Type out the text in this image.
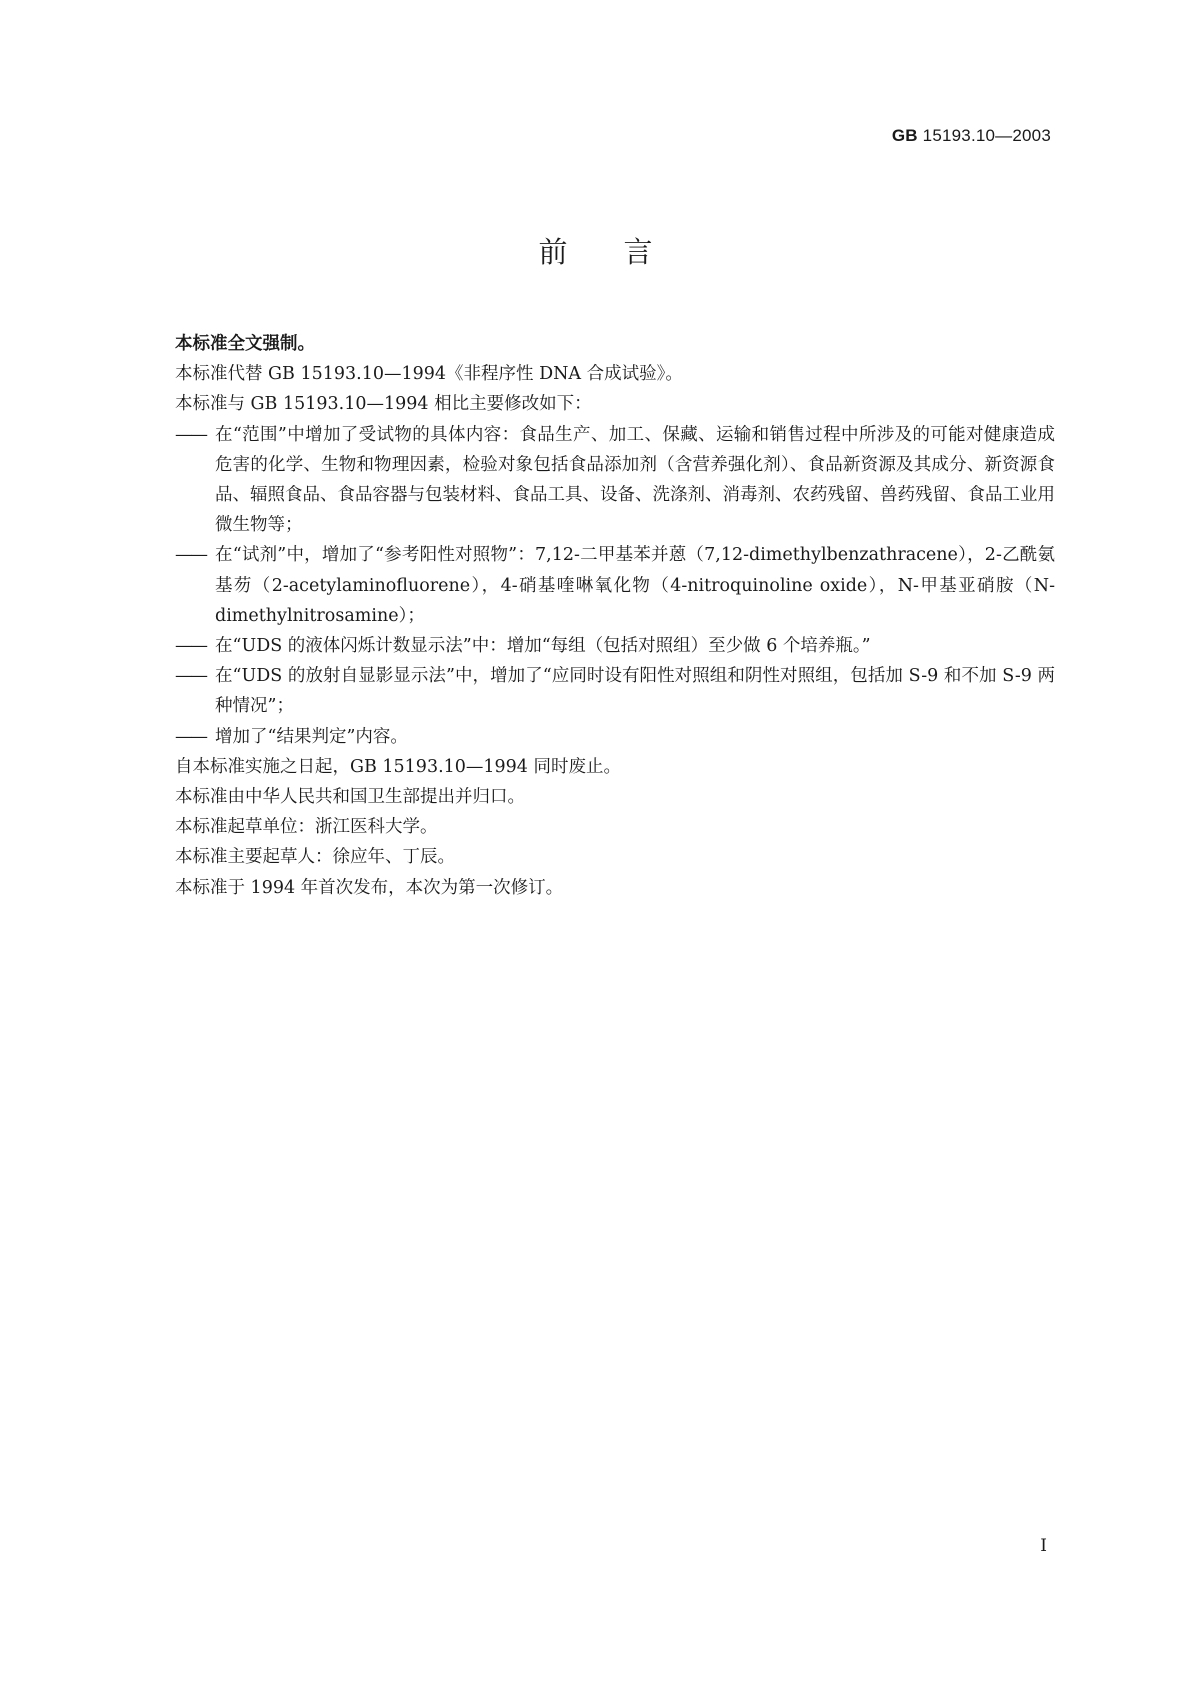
GB 15193.10—2003
前言
本标准全文强制。
本标准代替 GB 15193.10—1994《非程序性 DNA 合成试验》。
本标准与 GB 15193.10—1994 相比主要修改如下：
—— 在“范围”中增加了受试物的具体内容：食品生产、加工、保藏、运输和销售过程中所涉及的可能对健康造成危害的化学、生物和物理因素，检验对象包括食品添加剂（含营养强化剂）、食品新资源及其成分、新资源食品、辐照食品、食品容器与包装材料、食品工具、设备、洗涤剂、消毒剂、农药残留、兽药残留、食品工业用微生物等；
—— 在“试剂”中，增加了“参考阳性对照物”：7,12-二甲基苯并蒽（7,12-dimethylbenzathracene），2-乙酰氨基芴（2-acetylaminofluorene），4-硝基喹啉氧化物（4-nitroquinoline oxide），N-甲基亚硝胺（N-dimethylnitrosamine）；
—— 在“UDS 的液体闪烁计数显示法”中：增加“每组（包括对照组）至少做 6 个培养瓶。”
—— 在“UDS 的放射自显影显示法”中，增加了“应同时设有阳性对照组和阴性对照组，包括加 S-9 和不加 S-9 两种情况”；
—— 增加了“结果判定”内容。
自本标准实施之日起，GB 15193.10—1994 同时废止。
本标准由中华人民共和国卫生部提出并归口。
本标准起草单位：浙江医科大学。
本标准主要起草人：徐应年、丁辰。
本标准于 1994 年首次发布，本次为第一次修订。
I
